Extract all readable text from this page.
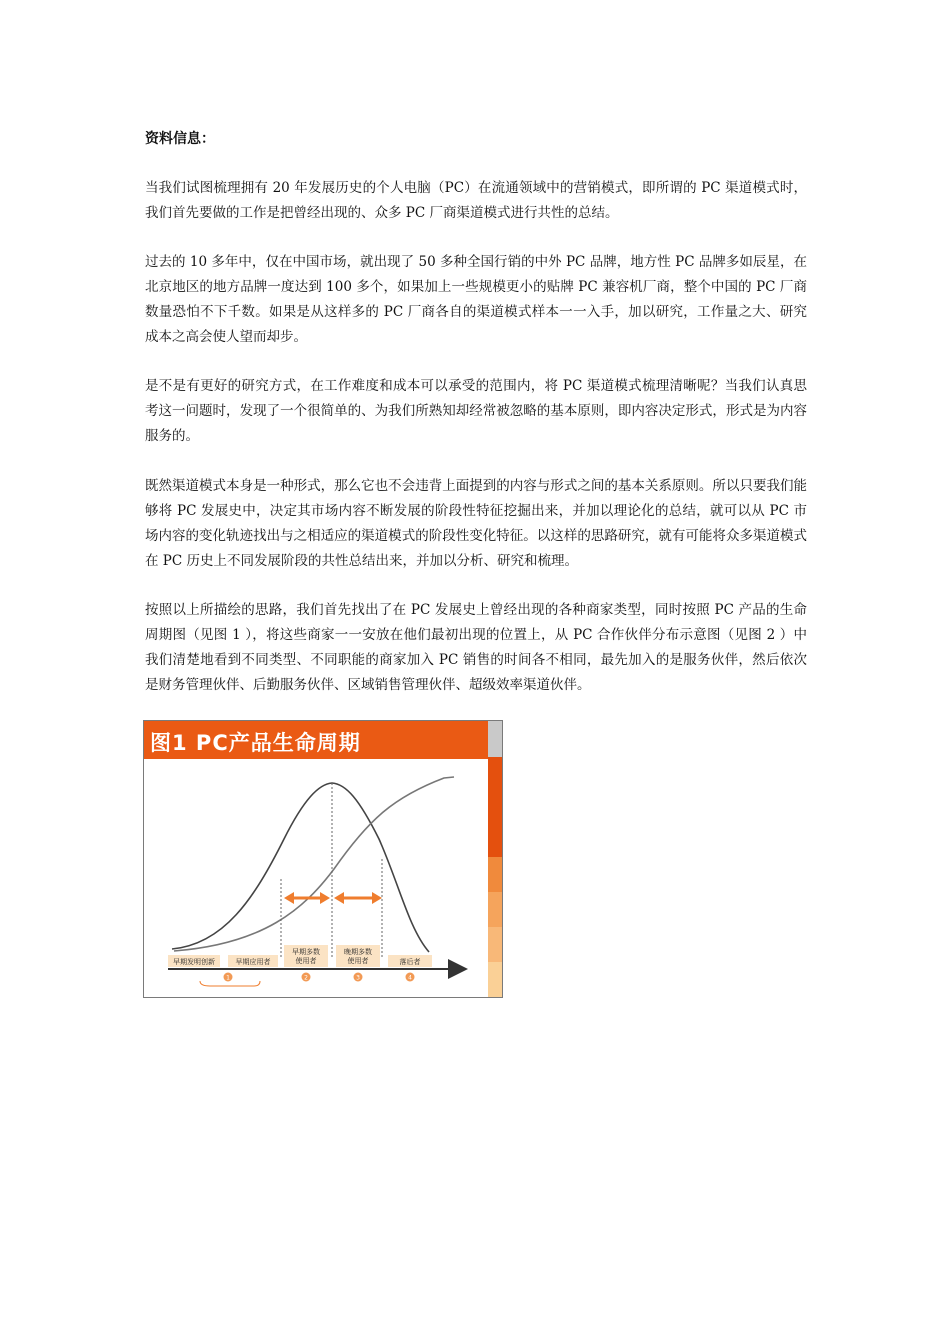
资料信息：

当我们试图梳理拥有 20 年发展历史的个人电脑（PC）在流通领域中的营销模式，即所谓的 PC 渠道模式时，我们首先要做的工作是把曾经出现的、众多 PC 厂商渠道模式进行共性的总结。

过去的 10 多年中，仅在中国市场，就出现了 50 多种全国行销的中外 PC 品牌，地方性 PC 品牌多如辰星，在北京地区的地方品牌一度达到 100 多个，如果加上一些规模更小的贴牌 PC 兼容机厂商，整个中国的 PC 厂商数量恐怕不下千数。如果是从这样多的 PC 厂商各自的渠道模式样本一一入手，加以研究，工作量之大、研究成本之高会使人望而却步。

是不是有更好的研究方式，在工作难度和成本可以承受的范围内，将 PC 渠道模式梳理清晰呢？当我们认真思考这一问题时，发现了一个很简单的、为我们所熟知却经常被忽略的基本原则，即内容决定形式，形式是为内容服务的。

既然渠道模式本身是一种形式，那么它也不会违背上面提到的内容与形式之间的基本关系原则。所以只要我们能够将 PC 发展史中，决定其市场内容不断发展的阶段性特征挖掘出来，并加以理论化的总结，就可以从 PC 市场内容的变化轨迹找出与之相适应的渠道模式的阶段性变化特征。以这样的思路研究，就有可能将众多渠道模式在 PC 历史上不同发展阶段的共性总结出来，并加以分析、研究和梳理。

按照以上所描绘的思路，我们首先找出了在 PC 发展史上曾经出现的各种商家类型，同时按照 PC 产品的生命周期图（见图 1 ），将这些商家一一安放在他们最初出现的位置上，从 PC 合作伙伴分布示意图（见图 2 ）中我们清楚地看到不同类型、不同职能的商家加入 PC 销售的时间各不相同，最先加入的是服务伙伴，然后依次是财务管理伙伴、后勤服务伙伴、区域销售管理伙伴、超级效率渠道伙伴。

图1 PC产品生命周期
早期发明创新	早期应用者
早期多数
使用者
晚期多数
使用者	落后者
1	2	3	4
